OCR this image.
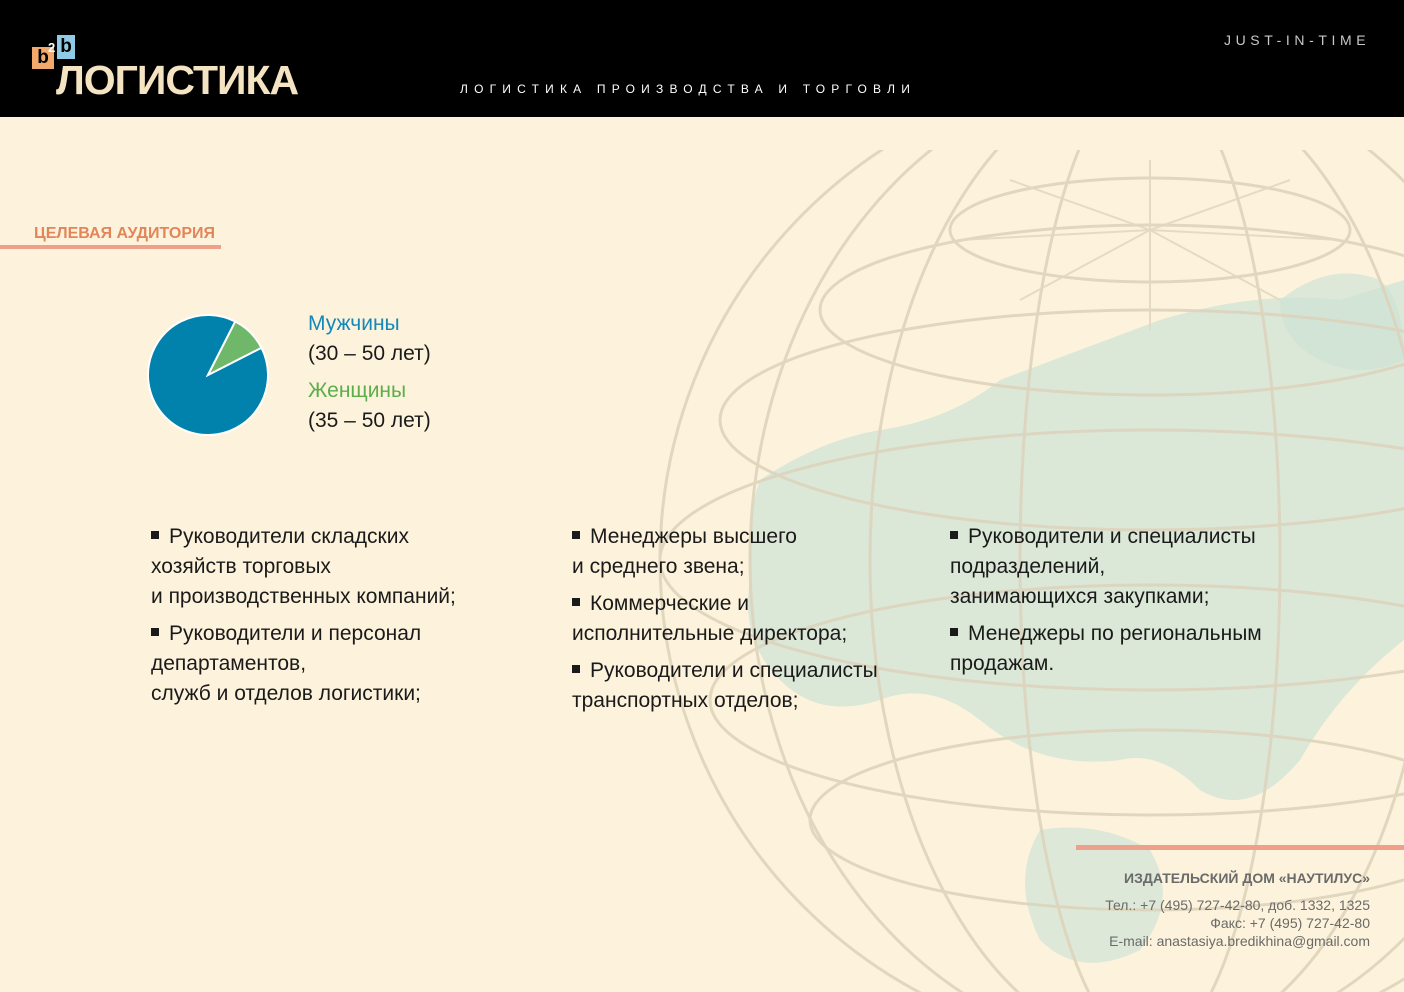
b
b
2
ЛОГИСТИКА	ЛОГИСТИКА ПРОИЗВОДСТВА И ТОРГОВЛИ
JUST-IN-TIME
ЦЕЛЕВАЯ АУДИТОРИЯ
Мужчины
(30 – 50 лет)
Женщины
(35 – 50 лет)
Руководители складских
хозяйств торговых
и производственных компаний;
Руководители и персонал
департаментов,
служб и отделов логистики;
Менеджеры высшего
и среднего звена;
Коммерческие и
исполнительные директора;
Руководители и специалисты
транспортных отделов;
Руководители и специалисты
подразделений,
занимающихся закупками;
Менеджеры по региональным
продажам.
ИЗДАТЕЛЬСКИЙ ДОМ «НАУТИЛУС»
Тел.: +7 (495) 727-42-80, доб. 1332, 1325
Факс: +7 (495) 727-42-80
E-mail: anastasiya.bredikhina@gmail.com
